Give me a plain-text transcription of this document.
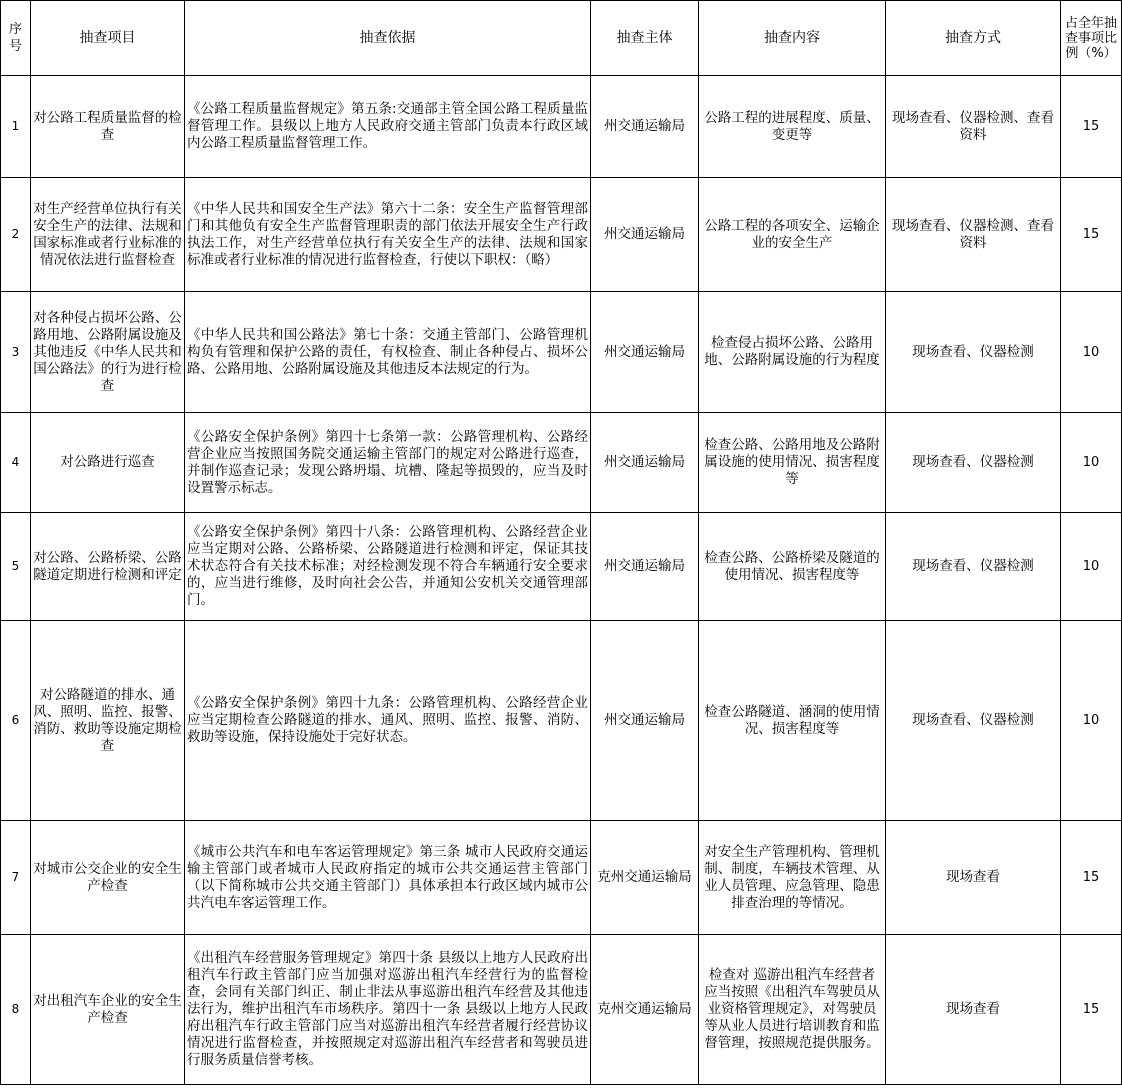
序号	抽查项目	抽查依据	抽查主体	抽查内容	抽查方式	占全年抽查事项比例（%）
1	对公路工程质量监督的检查	《公路工程质量监督规定》第五条:交通部主管全国公路工程质量监督管理工作。县级以上地方人民政府交通主管部门负责本行政区域内公路工程质量监督管理工作。	州交通运输局	公路工程的进展程度、质量、变更等	现场查看、仪器检测、查看资料	15
2	对生产经营单位执行有关安全生产的法律、法规和国家标准或者行业标准的情况依法进行监督检查	《中华人民共和国安全生产法》第六十二条：安全生产监督管理部门和其他负有安全生产监督管理职责的部门依法开展安全生产行政执法工作，对生产经营单位执行有关安全生产的法律、法规和国家标准或者行业标准的情况进行监督检查，行使以下职权：（略）	州交通运输局	公路工程的各项安全、运输企业的安全生产	现场查看、仪器检测、查看资料	15
3	对各种侵占损坏公路、公路用地、公路附属设施及其他违反《中华人民共和国公路法》的行为进行检查	《中华人民共和国公路法》第七十条：交通主管部门、公路管理机构负有管理和保护公路的责任，有权检查、制止各种侵占、损坏公路、公路用地、公路附属设施及其他违反本法规定的行为。	州交通运输局	检查侵占损坏公路、公路用地、公路附属设施的行为程度	现场查看、仪器检测	10
4	对公路进行巡查	《公路安全保护条例》第四十七条第一款：公路管理机构、公路经营企业应当按照国务院交通运输主管部门的规定对公路进行巡查，并制作巡查记录；发现公路坍塌、坑槽、隆起等损毁的，应当及时设置警示标志。	州交通运输局	检查公路、公路用地及公路附属设施的使用情况、损害程度等	现场查看、仪器检测	10
5	对公路、公路桥梁、公路隧道定期进行检测和评定	《公路安全保护条例》第四十八条：公路管理机构、公路经营企业应当定期对公路、公路桥梁、公路隧道进行检测和评定，保证其技术状态符合有关技术标准；对经检测发现不符合车辆通行安全要求的，应当进行维修，及时向社会公告，并通知公安机关交通管理部门。	州交通运输局	检查公路、公路桥梁及隧道的使用情况、损害程度等	现场查看、仪器检测	10
6	对公路隧道的排水、通风、照明、监控、报警、消防、救助等设施定期检查	《公路安全保护条例》第四十九条：公路管理机构、公路经营企业应当定期检查公路隧道的排水、通风、照明、监控、报警、消防、救助等设施，保持设施处于完好状态。	州交通运输局	检查公路隧道、涵洞的使用情况、损害程度等	现场查看、仪器检测	10
7	对城市公交企业的安全生产检查	《城市公共汽车和电车客运管理规定》第三条 城市人民政府交通运输主管部门或者城市人民政府指定的城市公共交通运营主管部门（以下简称城市公共交通主管部门）具体承担本行政区域内城市公共汽电车客运管理工作。	克州交通运输局	对安全生产管理机构、管理机制、制度，车辆技术管理、从业人员管理、应急管理、隐患排查治理的等情况。	现场查看	15
8	对出租汽车企业的安全生产检查	《出租汽车经营服务管理规定》第四十条 县级以上地方人民政府出租汽车行政主管部门应当加强对巡游出租汽车经营行为的监督检查，会同有关部门纠正、制止非法从事巡游出租汽车经营及其他违法行为，维护出租汽车市场秩序。第四十一条 县级以上地方人民政府出租汽车行政主管部门应当对巡游出租汽车经营者履行经营协议情况进行监督检查，并按照规定对巡游出租汽车经营者和驾驶员进行服务质量信誉考核。	克州交通运输局	检查对 巡游出租汽车经营者应当按照《出租汽车驾驶员从业资格管理规定》，对驾驶员等从业人员进行培训教育和监督管理，按照规范提供服务。	现场查看	15
